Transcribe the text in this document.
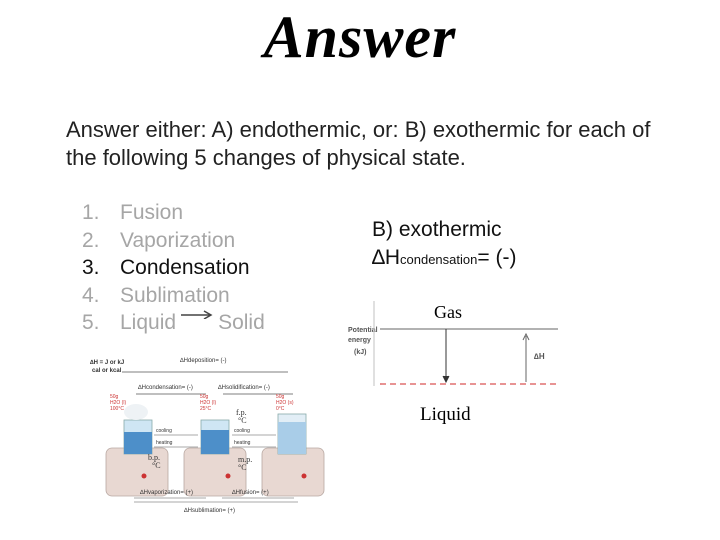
Answer
Answer either: A) endothermic, or: B) exothermic for each of the following 5 changes of physical state.
1. Fusion
2. Vaporization
3. Condensation
4. Sublimation
5. Liquid Solid
B) exothermic
∆Hcondensation= (-)
Potential
energy
(kJ)	∆H
Gas
Liquid
∆H = J or kJ
cal or kcal
∆Hdeposition= (-)
∆Hcondensation= (-)	∆Hsolidification= (-)
50g
H2O (l)
100°C
50g
H2O (l)
25°C
50g
H2O (s)
0°C
cooling
heating
cooling
heating
b.p.
°C
f.p.
°C
m.p.
°C
∆Hvaporization= (+)	∆Hfusion= (+)
∆Hsublimation= (+)
